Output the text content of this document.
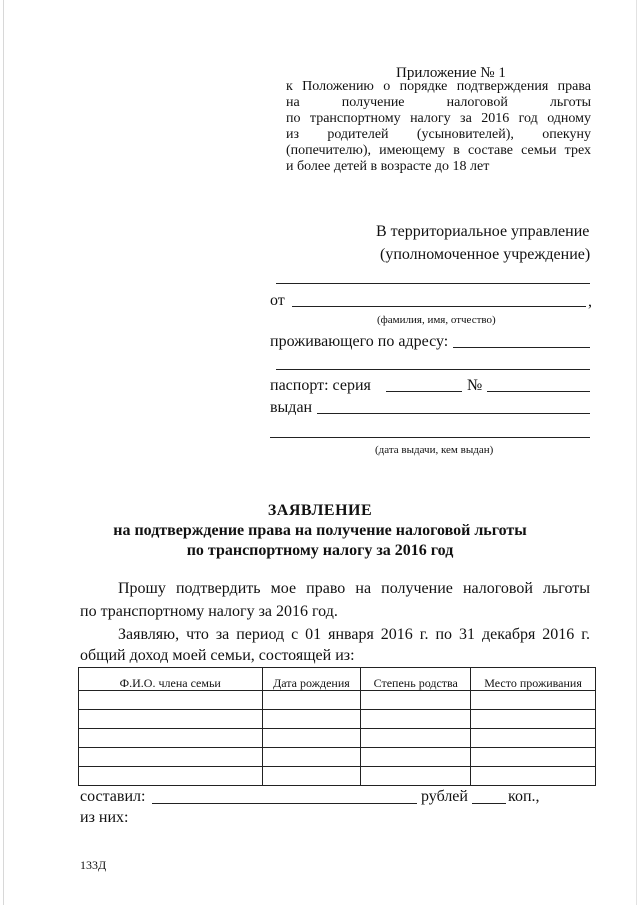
Приложение № 1
к Положению о порядке подтверждения права
на получение налоговой льготы
по транспортному налогу за 2016 год одному
из родителей (усыновителей), опекуну
(попечителю), имеющему в составе семьи трех
и более детей в возрасте до 18 лет
В территориальное управление
(уполномоченное учреждение)
от	,
(фамилия, имя, отчество)
проживающего по адресу:
паспорт: серия	№
выдан
(дата выдачи, кем выдан)
ЗАЯВЛЕНИЕ
на подтверждение права на получение налоговой льготы
по транспортному налогу за 2016 год
Прошу подтвердить мое право на получение налоговой льготы
по транспортному налогу за 2016 год.
Заявляю, что за период с 01 января 2016 г. по 31 декабря 2016 г.
общий доход моей семьи, состоящей из:
Ф.И.О. члена семьи	Дата рождения	Степень родства	Место проживания

составил:	рублей	коп.,
из них:
133Д
